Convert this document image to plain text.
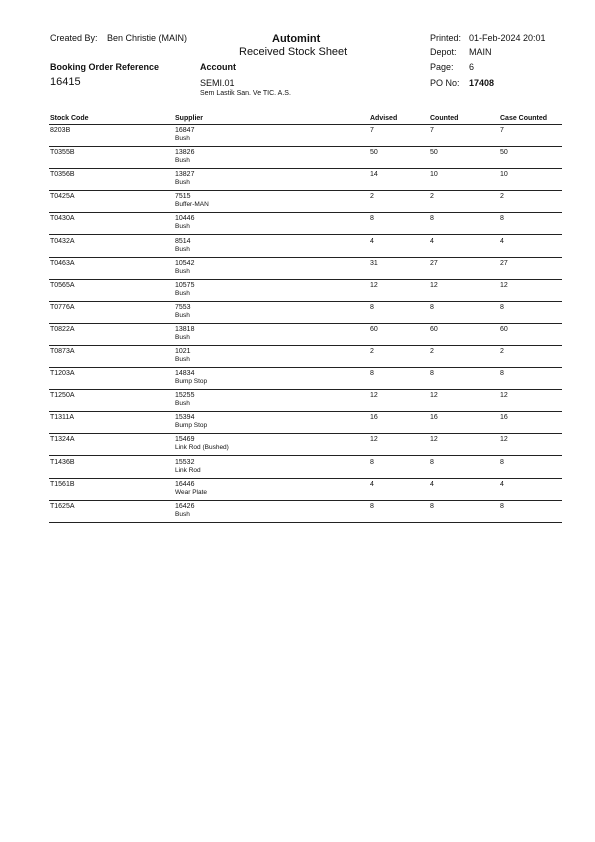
Created By: Ben Christie (MAIN)	Automint
Received Stock Sheet
Printed: 01-Feb-2024 20:01
Depot: MAIN
Page: 6
Booking Order Reference
16415
Account
SEMI.01
Sem Lastik San. Ve TIC. A.S.
PO No: 17408
Stock Code	Supplier	Advised	Counted	Case Counted
8203B	16847
Bush
7	7	7
T0355B	13826
Bush
50	50	50
T0356B	13827
Bush
14	10	10
T0425A	7515
Buffer-MAN
2	2	2
T0430A	10446
Bush
8	8	8
T0432A	8514
Bush
4	4	4
T0463A	10542
Bush
31	27	27
T0565A	10575
Bush
12	12	12
T0776A	7553
Bush
8	8	8
T0822A	13818
Bush
60	60	60
T0873A	1021
Bush
2	2	2
T1203A	14834
Bump Stop
8	8	8
T1250A	15255
Bush
12	12	12
T1311A	15394
Bump Stop
16	16	16
T1324A	15469
Link Rod (Bushed)
12	12	12
T1436B	15532
Link Rod
8	8	8
T1561B	16446
Wear Plate
4	4	4
T1625A	16426
Bush
8	8	8
